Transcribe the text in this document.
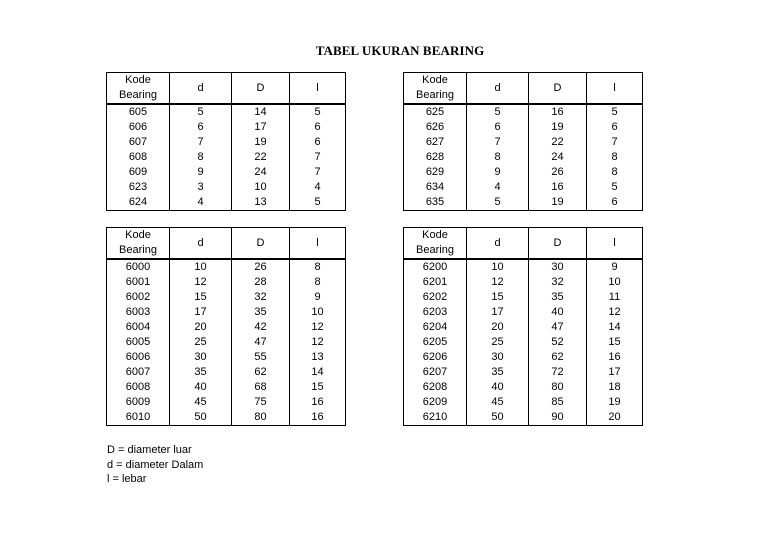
TABEL UKURAN BEARING
Kode Bearing	d	D	l
605	5	14	5
606	6	17	6
607	7	19	6
608	8	22	7
609	9	24	7
623	3	10	4
624	4	13	5
Kode Bearing	d	D	l
625	5	16	5
626	6	19	6
627	7	22	7
628	8	24	8
629	9	26	8
634	4	16	5
635	5	19	6
Kode Bearing	d	D	l
6000	10	26	8
6001	12	28	8
6002	15	32	9
6003	17	35	10
6004	20	42	12
6005	25	47	12
6006	30	55	13
6007	35	62	14
6008	40	68	15
6009	45	75	16
6010	50	80	16
Kode Bearing	d	D	l
6200	10	30	9
6201	12	32	10
6202	15	35	11
6203	17	40	12
6204	20	47	14
6205	25	52	15
6206	30	62	16
6207	35	72	17
6208	40	80	18
6209	45	85	19
6210	50	90	20
D = diameter luar
d = diameter Dalam
l = lebar
